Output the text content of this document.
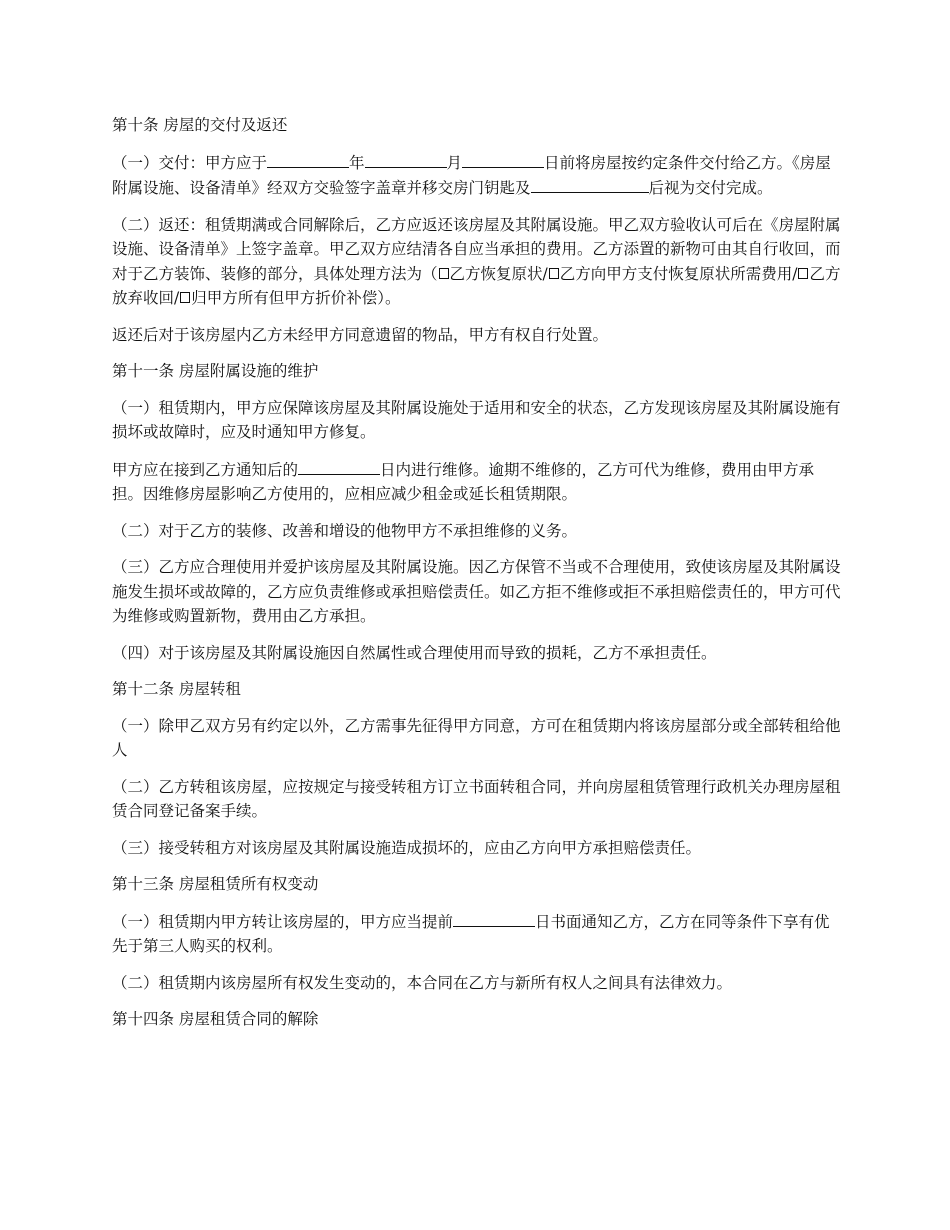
第十条 房屋的交付及返还

（一）交付：甲方应于	年	月	日前将房屋按约定条件交付给乙方。《房屋附属设施、设备清单》经双方交验签字盖章并移交房门钥匙及	后视为交付完成。

（二）返还：租赁期满或合同解除后，乙方应返还该房屋及其附属设施。甲乙双方验收认可后在《房屋附属设施、设备清单》上签字盖章。甲乙双方应结清各自应当承担的费用。乙方添置的新物可由其自行收回，而对于乙方装饰、装修的部分，具体处理方法为（ 乙方恢复原状/ 乙方向甲方支付恢复原状所需费用/ 乙方放弃收回/ 归甲方所有但甲方折价补偿）。

返还后对于该房屋内乙方未经甲方同意遗留的物品，甲方有权自行处置。

第十一条 房屋附属设施的维护

（一）租赁期内，甲方应保障该房屋及其附属设施处于适用和安全的状态，乙方发现该房屋及其附属设施有损坏或故障时，应及时通知甲方修复。

甲方应在接到乙方通知后的	日内进行维修。逾期不维修的，乙方可代为维修，费用由甲方承担。因维修房屋影响乙方使用的，应相应减少租金或延长租赁期限。

（二）对于乙方的装修、改善和增设的他物甲方不承担维修的义务。

（三）乙方应合理使用并爱护该房屋及其附属设施。因乙方保管不当或不合理使用，致使该房屋及其附属设施发生损坏或故障的，乙方应负责维修或承担赔偿责任。如乙方拒不维修或拒不承担赔偿责任的，甲方可代为维修或购置新物，费用由乙方承担。

（四）对于该房屋及其附属设施因自然属性或合理使用而导致的损耗，乙方不承担责任。

第十二条 房屋转租

（一）除甲乙双方另有约定以外，乙方需事先征得甲方同意，方可在租赁期内将该房屋部分或全部转租给他人

（二）乙方转租该房屋，应按规定与接受转租方订立书面转租合同，并向房屋租赁管理行政机关办理房屋租赁合同登记备案手续。

（三）接受转租方对该房屋及其附属设施造成损坏的，应由乙方向甲方承担赔偿责任。

第十三条 房屋租赁所有权变动

（一）租赁期内甲方转让该房屋的，甲方应当提前	日书面通知乙方，乙方在同等条件下享有优先于第三人购买的权利。

（二）租赁期内该房屋所有权发生变动的，本合同在乙方与新所有权人之间具有法律效力。

第十四条 房屋租赁合同的解除
